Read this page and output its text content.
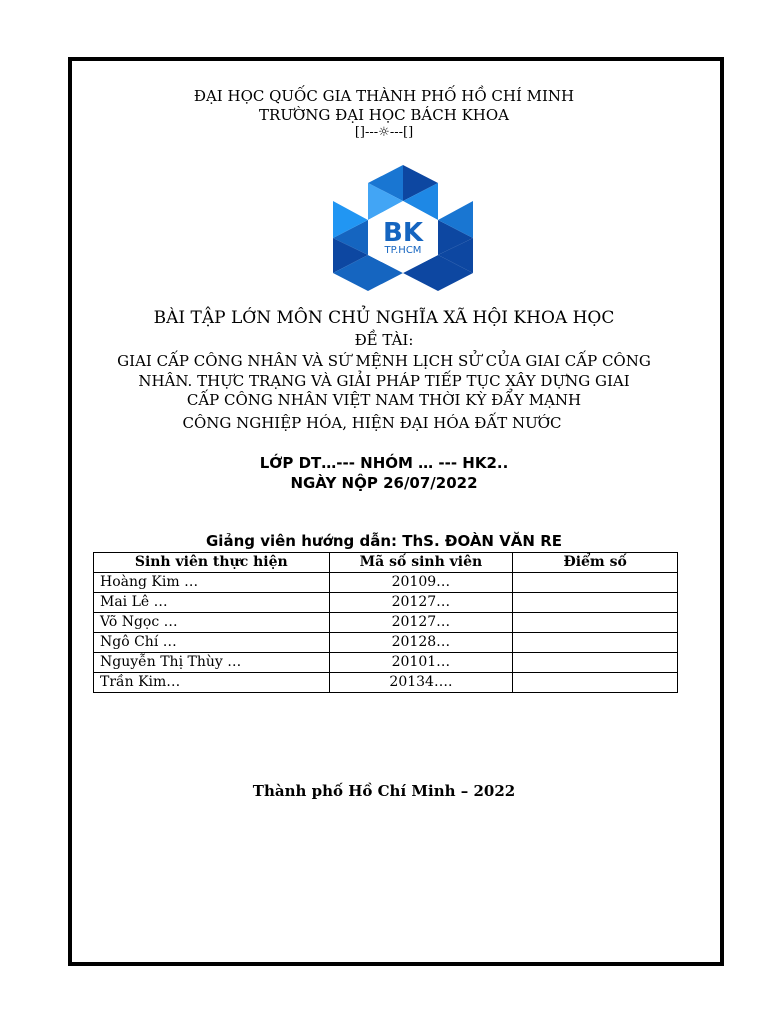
ĐẠI HỌC QUỐC GIA THÀNH PHỐ HỒ CHÍ MINH
TRƯỜNG ĐẠI HỌC BÁCH KHOA
[]---☼---[]
BK
TP.HCM
BÀI TẬP LỚN MÔN CHỦ NGHĨA XÃ HỘI KHOA HỌC
ĐỀ TÀI:
GIAI CẤP CÔNG NHÂN VÀ SỨ MỆNH LỊCH SỬ CỦA GIAI CẤP CÔNG
NHÂN. THỰC TRẠNG VÀ GIẢI PHÁP TIẾP TỤC XÂY DỰNG GIAI
CẤP CÔNG NHÂN VIỆT NAM THỜI KỲ ĐẨY MẠNH
CÔNG NGHIỆP HÓA, HIỆN ĐẠI HÓA ĐẤT NƯỚC
LỚP DT…--- NHÓM … --- HK2..
NGÀY NỘP 26/07/2022
Giảng viên hướng dẫn: ThS. ĐOÀN VĂN RE
Sinh viên thực hiện	Mã số sinh viên	Điểm số
Hoàng Kim …	20109…	
Mai Lê …	20127…	
Võ Ngọc …	20127…	
Ngô Chí …	20128…	
Nguyễn Thị Thùy …	20101…	
Trần Kim…	20134….	
Thành phố Hồ Chí Minh – 2022
